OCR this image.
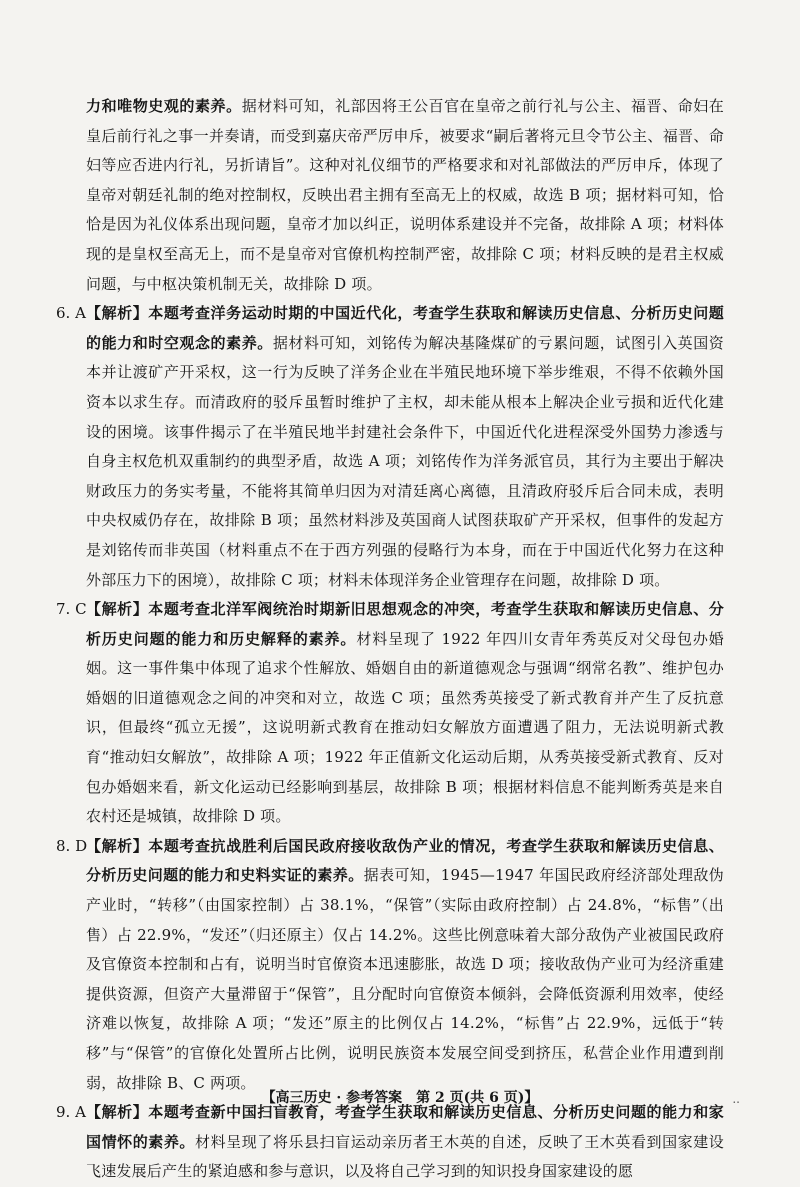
力和唯物史观的素养。据材料可知，礼部因将王公百官在皇帝之前行礼与公主、福晋、命妇在皇后前行礼之事一并奏请，而受到嘉庆帝严厉申斥，被要求“嗣后著将元旦令节公主、福晋、命妇等应否进内行礼，另折请旨”。这种对礼仪细节的严格要求和对礼部做法的严厉申斥，体现了皇帝对朝廷礼制的绝对控制权，反映出君主拥有至高无上的权威，故选 B 项；据材料可知，恰恰是因为礼仪体系出现问题，皇帝才加以纠正，说明体系建设并不完备，故排除 A 项；材料体现的是皇权至高无上，而不是皇帝对官僚机构控制严密，故排除 C 项；材料反映的是君主权威问题，与中枢决策机制无关，故排除 D 项。

6. A 【解析】本题考查洋务运动时期的中国近代化，考查学生获取和解读历史信息、分析历史问题的能力和时空观念的素养。据材料可知，刘铭传为解决基隆煤矿的亏累问题，试图引入英国资本并让渡矿产开采权，这一行为反映了洋务企业在半殖民地环境下举步维艰，不得不依赖外国资本以求生存。而清政府的驳斥虽暂时维护了主权，却未能从根本上解决企业亏损和近代化建设的困境。该事件揭示了在半殖民地半封建社会条件下，中国近代化进程深受外国势力渗透与自身主权危机双重制约的典型矛盾，故选 A 项；刘铭传作为洋务派官员，其行为主要出于解决财政压力的务实考量，不能将其简单归因为对清廷离心离德，且清政府驳斥后合同未成，表明中央权威仍存在，故排除 B 项；虽然材料涉及英国商人试图获取矿产开采权，但事件的发起方是刘铭传而非英国（材料重点不在于西方列强的侵略行为本身，而在于中国近代化努力在这种外部压力下的困境），故排除 C 项；材料未体现洋务企业管理存在问题，故排除 D 项。

7. C 【解析】本题考查北洋军阀统治时期新旧思想观念的冲突，考查学生获取和解读历史信息、分析历史问题的能力和历史解释的素养。材料呈现了 1922 年四川女青年秀英反对父母包办婚姻。这一事件集中体现了追求个性解放、婚姻自由的新道德观念与强调“纲常名教”、维护包办婚姻的旧道德观念之间的冲突和对立，故选 C 项；虽然秀英接受了新式教育并产生了反抗意识，但最终“孤立无援”，这说明新式教育在推动妇女解放方面遭遇了阻力，无法说明新式教育“推动妇女解放”，故排除 A 项；1922 年正值新文化运动后期，从秀英接受新式教育、反对包办婚姻来看，新文化运动已经影响到基层，故排除 B 项；根据材料信息不能判断秀英是来自农村还是城镇，故排除 D 项。

8. D

【解析】本题考查抗战胜利后国民政府接收敌伪产业的情况，考查学生获取和解读历史信息、分析历史问题的能力和史料实证的素养。据表可知，1945—1947 年国民政府经济部处理敌伪产业时，“转移”（由国家控制）占 38.1%，“保管”（实际由政府控制）占 24.8%，“标售”（出售）占 22.9%，“发还”（归还原主）仅占 14.2%。这些比例意味着大部分敌伪产业被国民政府及官僚资本控制和占有，说明当时官僚资本迅速膨胀，故选 D 项；接收敌伪产业可为经济重建提供资源，但资产大量滞留于“保管”，且分配时向官僚资本倾斜，会降低资源利用效率，使经济难以恢复，故排除 A 项；“发还”原主的比例仅占 14.2%，“标售”占 22.9%，远低于“转移”与“保管”的官僚化处置所占比例，说明民族资本发展空间受到挤压，私营企业作用遭到削弱，故排除 B、C 两项。

9. A 【解析】本题考查新中国扫盲教育，考查学生获取和解读历史信息、分析历史问题的能力和家国情怀的素养。材料呈现了将乐县扫盲运动亲历者王木英的自述，反映了王木英看到国家建设飞速发展后产生的紧迫感和参与意识，以及将自己学习到的知识投身国家建设的愿

【高三历史 · 参考答案　第 2 页(共 6 页)】	..
